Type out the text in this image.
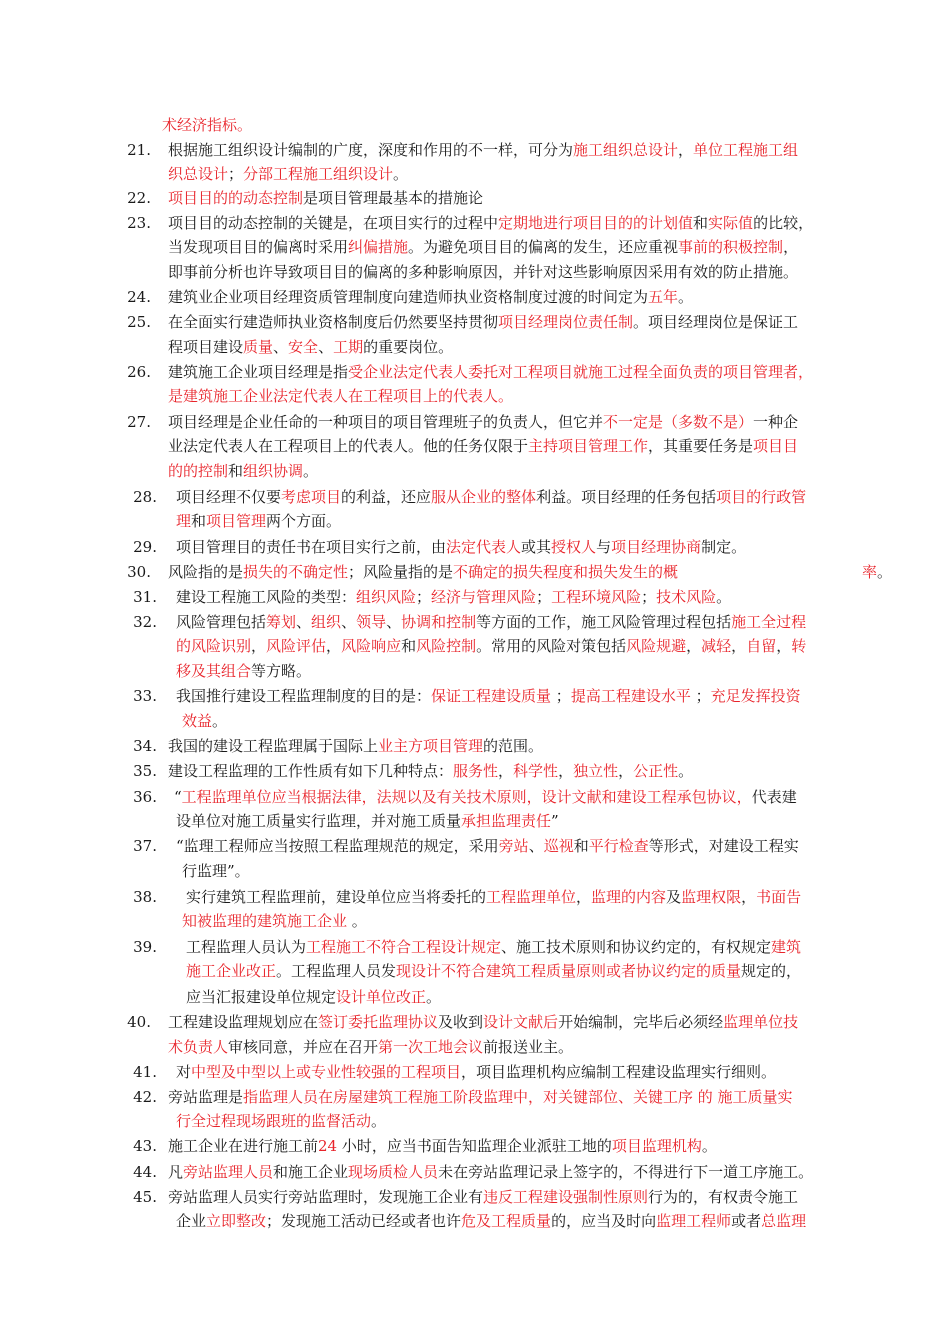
术经济指标。
21. 根据施工组织设计编制的广度，深度和作用的不一样，可分为施工组织总设计，单位工程施工组
织总设计；分部工程施工组织设计。
22. 项目目的的动态控制是项目管理最基本的措施论
23. 项目目的动态控制的关键是，在项目实行的过程中定期地进行项目目的的计划值和实际值的比较，
当发现项目目的偏离时采用纠偏措施。为避免项目目的偏离的发生，还应重视事前的积极控制，
即事前分析也许导致项目目的偏离的多种影响原因，并针对这些影响原因采用有效的防止措施。
24. 建筑业企业项目经理资质管理制度向建造师执业资格制度过渡的时间定为五年。
25. 在全面实行建造师执业资格制度后仍然要坚持贯彻项目经理岗位责任制。项目经理岗位是保证工
程项目建设质量、安全、工期的重要岗位。
26. 建筑施工企业项目经理是指受企业法定代表人委托对工程项目就施工过程全面负责的项目管理者，
是建筑施工企业法定代表人在工程项目上的代表人。
27. 项目经理是企业任命的一种项目的项目管理班子的负责人，但它并不一定是（多数不是）一种企
业法定代表人在工程项目上的代表人。他的任务仅限于主持项目管理工作，其重要任务是项目目
的的控制和组织协调。
28. 项目经理不仅要考虑项目的利益，还应服从企业的整体利益。项目经理的任务包括项目的行政管
理和项目管理两个方面。
29. 项目管理目的责任书在项目实行之前，由法定代表人或其授权人与项目经理协商制定。
30. 风险指的是损失的不确定性；风险量指的是不确定的损失程度和损失发生的概	率。
31. 建设工程施工风险的类型：组织风险；经济与管理风险；工程环境风险；技术风险。
32. 风险管理包括筹划、组织、领导、协调和控制等方面的工作，施工风险管理过程包括施工全过程
的风险识别，风险评估，风险响应和风险控制。常用的风险对策包括风险规避，减轻，自留，转
移及其组合等方略。
33. 我国推行建设工程监理制度的目的是：保证工程建设质量 ；提高工程建设水平 ；充足发挥投资
效益。
34. 我国的建设工程监理属于国际上业主方项目管理的范围。
35. 建设工程监理的工作性质有如下几种特点：服务性，科学性，独立性，公正性。
36. “工程监理单位应当根据法律，法规以及有关技术原则，设计文献和建设工程承包协议，代表建
设单位对施工质量实行监理，并对施工质量承担监理责任”
37. “监理工程师应当按照工程监理规范的规定，采用旁站、巡视和平行检查等形式，对建设工程实
行监理”。
38. 实行建筑工程监理前，建设单位应当将委托的工程监理单位，监理的内容及监理权限，书面告
知被监理的建筑施工企业 。
39. 工程监理人员认为工程施工不符合工程设计规定、施工技术原则和协议约定的，有权规定建筑
施工企业改正。工程监理人员发现设计不符合建筑工程质量原则或者协议约定的质量规定的，
应当汇报建设单位规定设计单位改正。
40. 工程建设监理规划应在签订委托监理协议及收到设计文献后开始编制，完毕后必须经监理单位技
术负责人审核同意，并应在召开第一次工地会议前报送业主。
41. 对中型及中型以上或专业性较强的工程项目，项目监理机构应编制工程建设监理实行细则。
42. 旁站监理是指监理人员在房屋建筑工程施工阶段监理中，对关键部位、关键工序 的 施工质量实
行全过程现场跟班的监督活动。
43. 施工企业在进行施工前24 小时，应当书面告知监理企业派驻工地的项目监理机构。
44. 凡旁站监理人员和施工企业现场质检人员未在旁站监理记录上签字的，不得进行下一道工序施工。
45. 旁站监理人员实行旁站监理时，发现施工企业有违反工程建设强制性原则行为的，有权责令施工
企业立即整改；发现施工活动已经或者也许危及工程质量的，应当及时向监理工程师或者总监理
